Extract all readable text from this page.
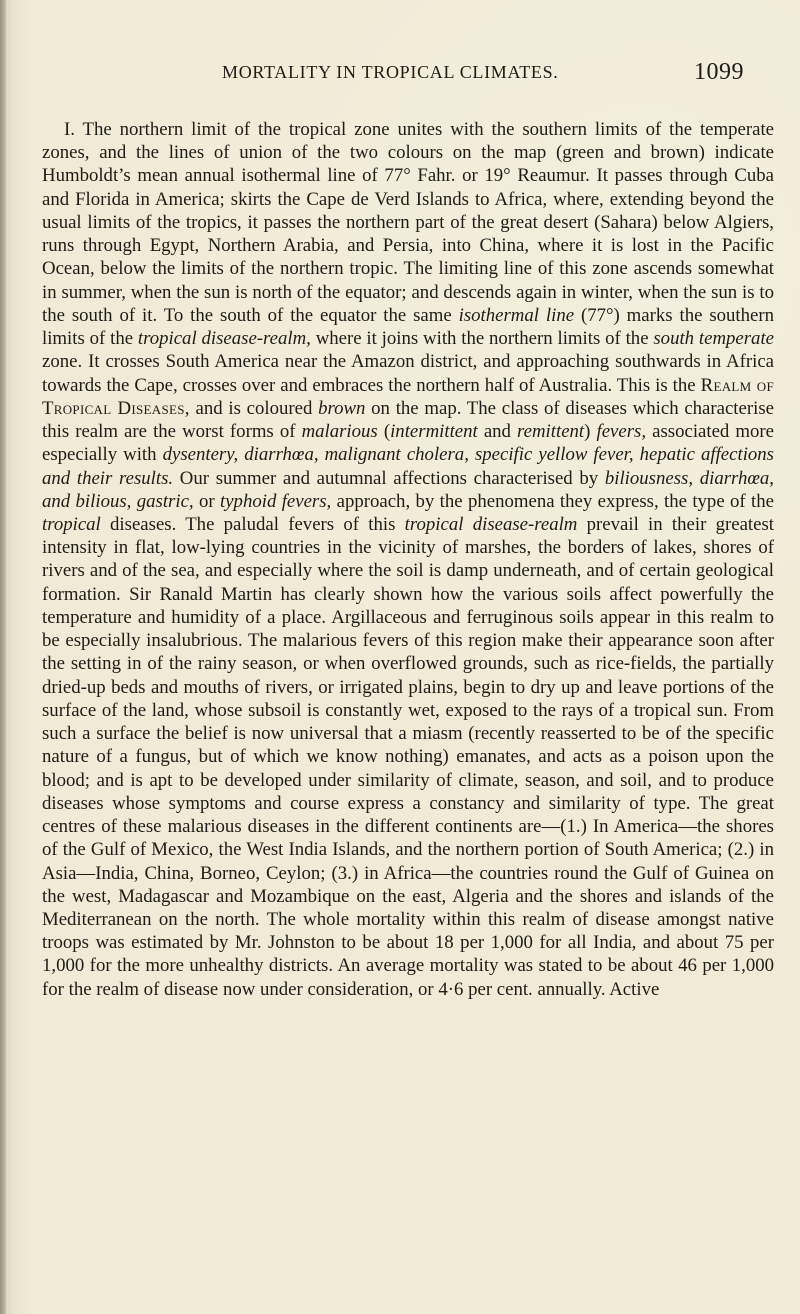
MORTALITY IN TROPICAL CLIMATES.	1099

I. The northern limit of the tropical zone unites with the southern limits of the temperate zones, and the lines of union of the two colours on the map (green and brown) indicate Humboldt’s mean annual isothermal line of 77° Fahr. or 19° Reaumur. It passes through Cuba and Florida in America; skirts the Cape de Verd Islands to Africa, where, extending beyond the usual limits of the tropics, it passes the northern part of the great desert (Sahara) below Algiers, runs through Egypt, Northern Arabia, and Persia, into China, where it is lost in the Pacific Ocean, below the limits of the northern tropic. The limiting line of this zone ascends somewhat in summer, when the sun is north of the equator; and descends again in winter, when the sun is to the south of it. To the south of the equator the same isothermal line (77°) marks the southern limits of the tropical disease-realm, where it joins with the northern limits of the south temperate zone. It crosses South America near the Amazon district, and approaching southwards in Africa towards the Cape, crosses over and embraces the northern half of Australia. This is the Realm of Tropical Diseases, and is coloured brown on the map. The class of diseases which characterise this realm are the worst forms of malarious (intermittent and remittent) fevers, associated more especially with dysentery, diarrhœa, malignant cholera, specific yellow fever, hepatic affections and their results. Our summer and autumnal affections characterised by biliousness, diarrhœa, and bilious, gastric, or typhoid fevers, approach, by the phenomena they express, the type of the tropical diseases. The paludal fevers of this tropical disease-realm prevail in their greatest intensity in flat, low-lying countries in the vicinity of marshes, the borders of lakes, shores of rivers and of the sea, and especially where the soil is damp underneath, and of certain geological formation. Sir Ranald Martin has clearly shown how the various soils affect powerfully the temperature and humidity of a place. Argillaceous and ferruginous soils appear in this realm to be especially insalubrious. The malarious fevers of this region make their appearance soon after the setting in of the rainy season, or when overflowed grounds, such as rice-fields, the partially dried-up beds and mouths of rivers, or irrigated plains, begin to dry up and leave portions of the surface of the land, whose subsoil is constantly wet, exposed to the rays of a tropical sun. From such a surface the belief is now universal that a miasm (recently reasserted to be of the specific nature of a fungus, but of which we know nothing) emanates, and acts as a poison upon the blood; and is apt to be developed under similarity of climate, season, and soil, and to produce diseases whose symptoms and course express a constancy and similarity of type. The great centres of these malarious diseases in the different continents are—(1.) In America—the shores of the Gulf of Mexico, the West India Islands, and the northern portion of South America; (2.) in Asia—India, China, Borneo, Ceylon; (3.) in Africa—the countries round the Gulf of Guinea on the west, Madagascar and Mozambique on the east, Algeria and the shores and islands of the Mediterranean on the north. The whole mortality within this realm of disease amongst native troops was estimated by Mr. Johnston to be about 18 per 1,000 for all India, and about 75 per 1,000 for the more unhealthy districts. An average mortality was stated to be about 46 per 1,000 for the realm of disease now under consideration, or 4·6 per cent. annually. Active
